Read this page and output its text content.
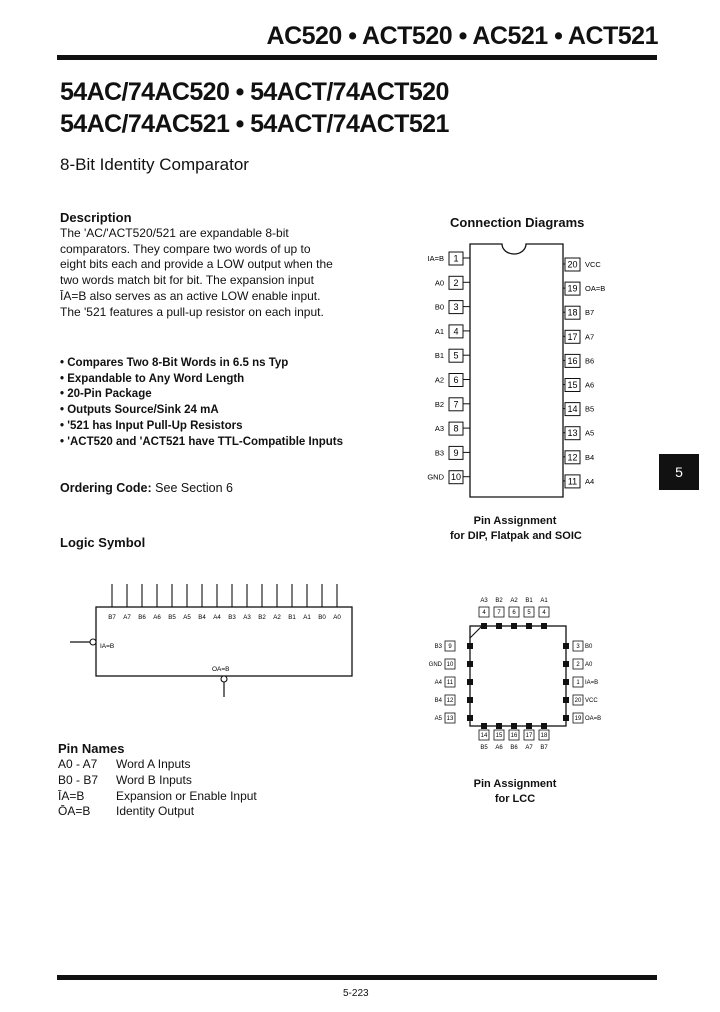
AC520 • ACT520 • AC521 • ACT521
54AC/74AC520 • 54ACT/74ACT520
54AC/74AC521 • 54ACT/74ACT521
8-Bit Identity Comparator
Description
The 'AC/'ACT520/521 are expandable 8-bit comparators. They compare two words of up to eight bits each and provide a LOW output when the two words match bit for bit. The expansion input ĪA=B also serves as an active LOW enable input. The '521 features a pull-up resistor on each input.
• Compares Two 8-Bit Words in 6.5 ns Typ
• Expandable to Any Word Length
• 20-Pin Package
• Outputs Source/Sink 24 mA
• '521 has Input Pull-Up Resistors
• 'ACT520 and 'ACT521 have TTL-Compatible Inputs
Ordering Code: See Section 6
Logic Symbol
B7 A7 B6 A6 B5 A5 B4 A4 B3 A3 B2 A2 B1 A1 B0 A0
IA=B
OA=B
Pin Names
A0 - A7	Word A Inputs
B0 - B7	Word B Inputs
ĪA=B	Expansion or Enable Input
ŌA=B	Identity Output
Connection Diagrams
1
IA=B
2
A0
3
B0
4
A1
5
B1
6
A2
7
B2
8
A3
9
B3
10
GND
20 VCC
19 OA=B
18 B7
17 A7
16 B6
15 A6
14 B5
13 A5
12 B4
11 A4
Pin Assignment
for DIP, Flatpak and SOIC
A3
4
B2
7
A2
6
B1
5
A1
4
14
B5
15
A6
16
B6
17
A7
18
B7
B3 9
GND 10
A4 11
B4 12
A5 13
3 B0
2 A0
1 IA=B
20 VCC
19 OA=B
Pin Assignment
for LCC
5
5-223
